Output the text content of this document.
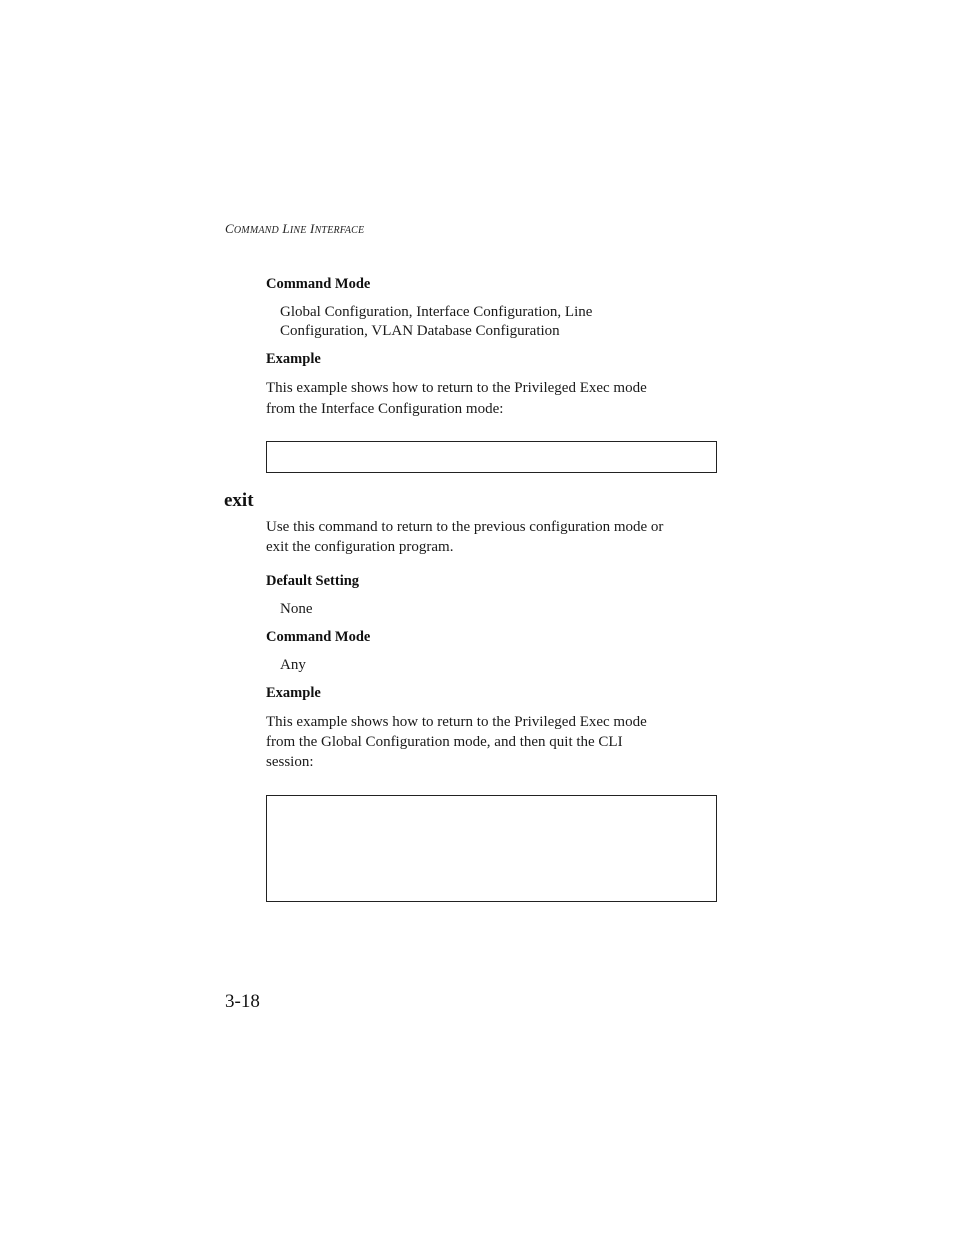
COMMAND LINE INTERFACE
Command Mode
Global Configuration, Interface Configuration, Line
Configuration, VLAN Database Configuration
Example
This example shows how to return to the Privileged Exec mode
from the Interface Configuration mode:
exit
Use this command to return to the previous configuration mode or
exit the configuration program.
Default Setting
None
Command Mode
Any
Example
This example shows how to return to the Privileged Exec mode
from the Global Configuration mode, and then quit the CLI
session:
3-18
